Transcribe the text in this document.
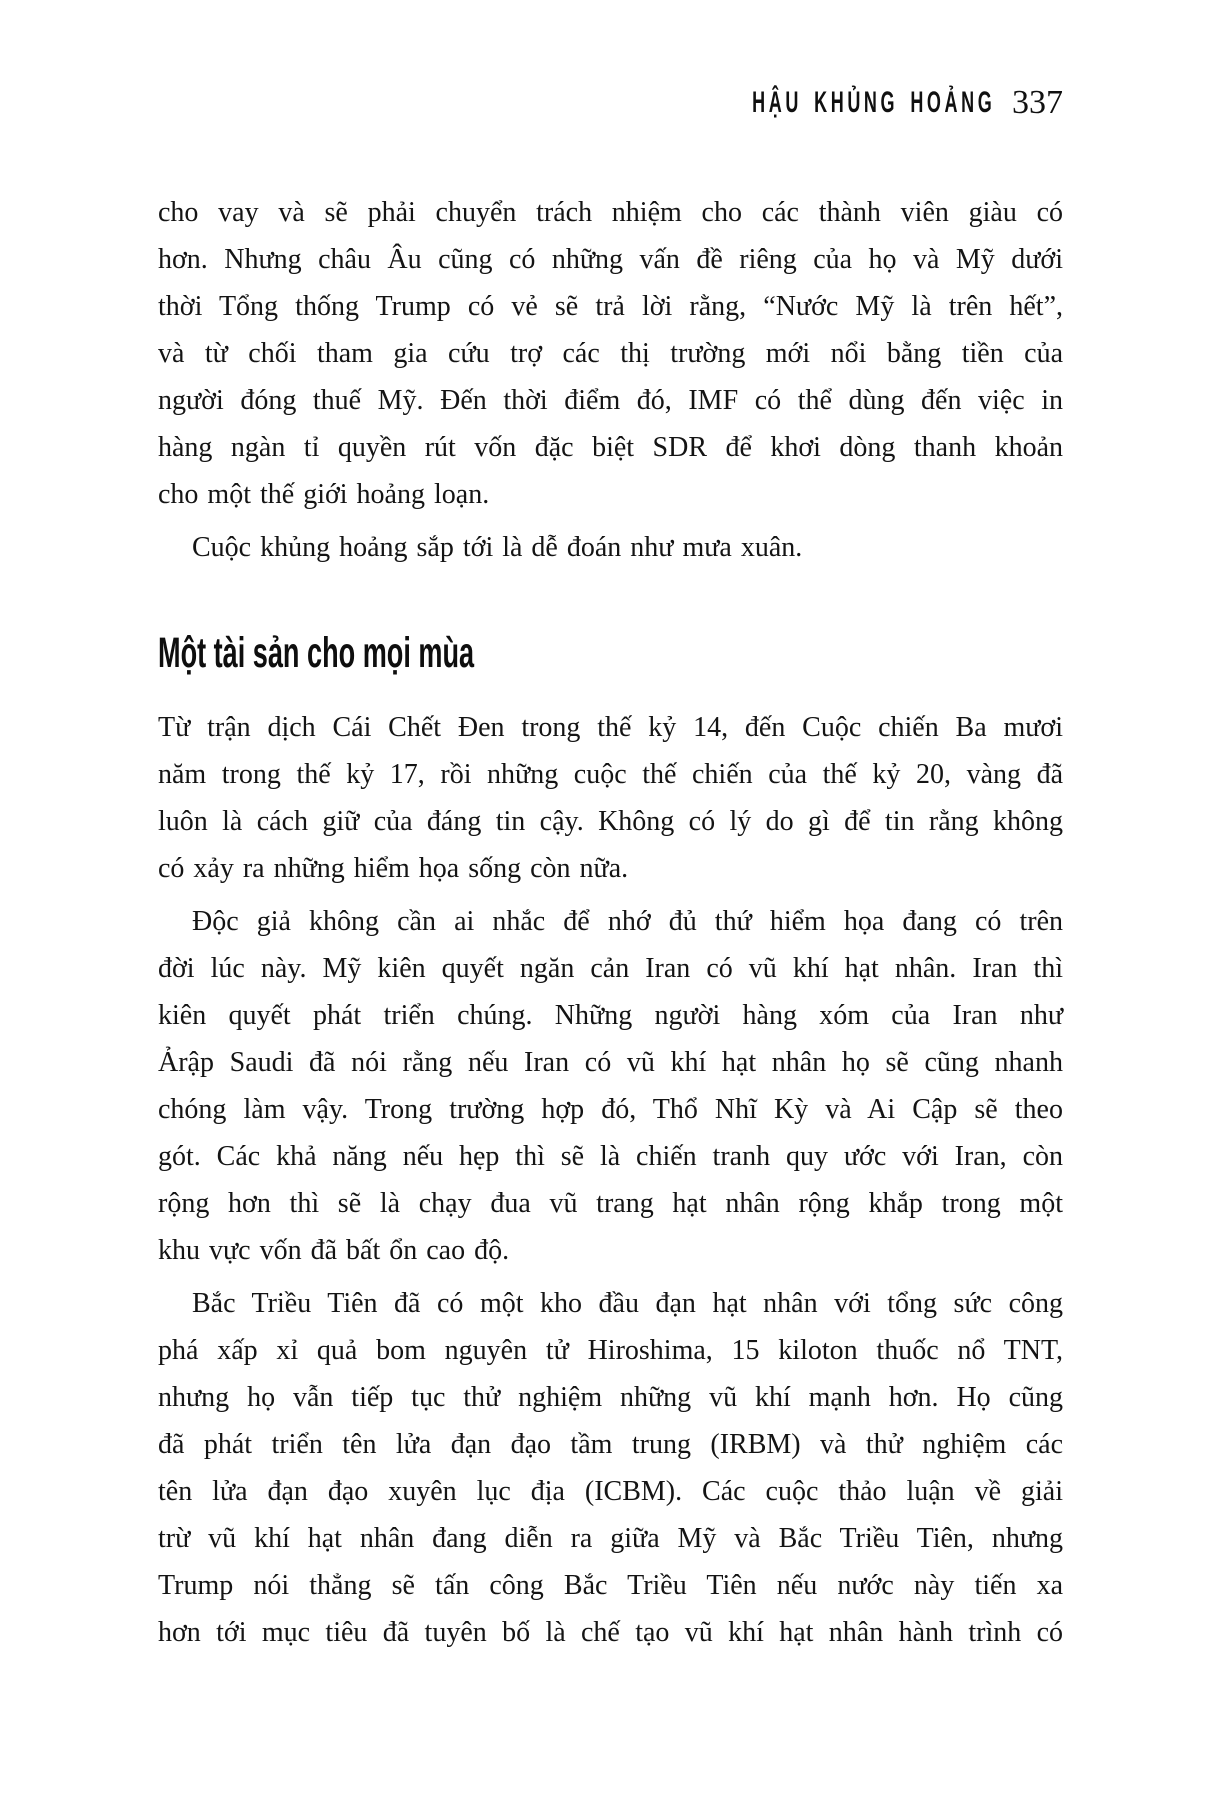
HẬU KHỦNG HOẢNG 337
cho vay và sẽ phải chuyển trách nhiệm cho các thành viên giàu có
hơn. Nhưng châu Âu cũng có những vấn đề riêng của họ và Mỹ dưới
thời Tổng thống Trump có vẻ sẽ trả lời rằng, “Nước Mỹ là trên hết”,
và từ chối tham gia cứu trợ các thị trường mới nổi bằng tiền của
người đóng thuế Mỹ. Đến thời điểm đó, IMF có thể dùng đến việc in
hàng ngàn tỉ quyền rút vốn đặc biệt SDR để khơi dòng thanh khoản
cho một thế giới hoảng loạn.
Cuộc khủng hoảng sắp tới là dễ đoán như mưa xuân.
Một tài sản cho mọi mùa
Từ trận dịch Cái Chết Đen trong thế kỷ 14, đến Cuộc chiến Ba mươi
năm trong thế kỷ 17, rồi những cuộc thế chiến của thế kỷ 20, vàng đã
luôn là cách giữ của đáng tin cậy. Không có lý do gì để tin rằng không
có xảy ra những hiểm họa sống còn nữa.
Độc giả không cần ai nhắc để nhớ đủ thứ hiểm họa đang có trên
đời lúc này. Mỹ kiên quyết ngăn cản Iran có vũ khí hạt nhân. Iran thì
kiên quyết phát triển chúng. Những người hàng xóm của Iran như
Ảrập Saudi đã nói rằng nếu Iran có vũ khí hạt nhân họ sẽ cũng nhanh
chóng làm vậy. Trong trường hợp đó, Thổ Nhĩ Kỳ và Ai Cập sẽ theo
gót. Các khả năng nếu hẹp thì sẽ là chiến tranh quy ước với Iran, còn
rộng hơn thì sẽ là chạy đua vũ trang hạt nhân rộng khắp trong một
khu vực vốn đã bất ổn cao độ.
Bắc Triều Tiên đã có một kho đầu đạn hạt nhân với tổng sức công
phá xấp xỉ quả bom nguyên tử Hiroshima, 15 kiloton thuốc nổ TNT,
nhưng họ vẫn tiếp tục thử nghiệm những vũ khí mạnh hơn. Họ cũng
đã phát triển tên lửa đạn đạo tầm trung (IRBM) và thử nghiệm các
tên lửa đạn đạo xuyên lục địa (ICBM). Các cuộc thảo luận về giải
trừ vũ khí hạt nhân đang diễn ra giữa Mỹ và Bắc Triều Tiên, nhưng
Trump nói thẳng sẽ tấn công Bắc Triều Tiên nếu nước này tiến xa
hơn tới mục tiêu đã tuyên bố là chế tạo vũ khí hạt nhân hành trình có
